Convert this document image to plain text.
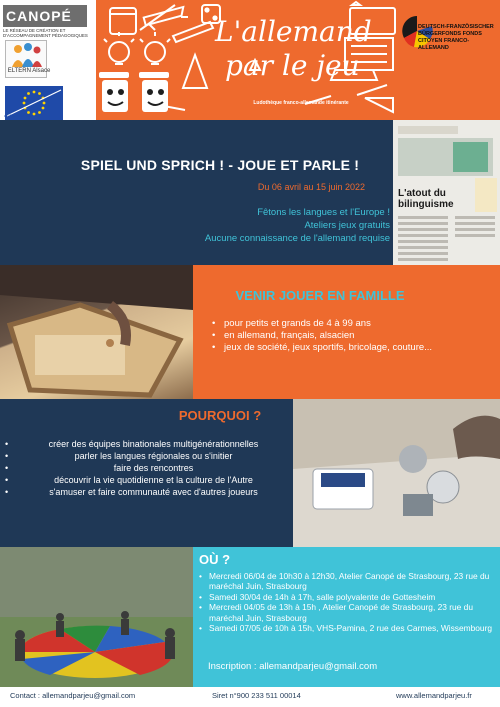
CANOPÉ
LE RÉSEAU DE CRÉATION ET D'ACCOMPAGNEMENT PÉDAGOGIQUES
ELTERN Alsace
up PAMINA vhs
L'allemand
par le jeu
Ludothèque franco-allemande itinérante
DEUTSCH-FRANZÖSISCHER BÜRGERFONDS FONDS CITOYEN FRANCO-ALLEMAND
SPIEL UND SPRICH ! - JOUE ET PARLE !
Du 06 avril au 15 juin 2022
Fêtons les langues et l'Europe !
Ateliers jeux gratuits
Aucune connaissance de l'allemand requise
L'atout du bilinguisme
VENIR JOUER EN FAMILLE
• pour petits et grands de 4 à 99 ans
• en allemand, français, alsacien
• jeux de société, jeux sportifs, bricolage, couture...
POURQUOI ?
• créer des équipes binationales multigénérationnelles
• parler les langues régionales ou s'initier
• faire des rencontres
• découvrir la vie quotidienne et la culture de l'Autre
• s'amuser et faire communauté avec d'autres joueurs
OÙ ?
• Mercredi 06/04 de 10h30 à 12h30, Atelier Canopé de Strasbourg, 23 rue du maréchal Juin, Strasbourg
• Samedi 30/04 de 14h à 17h, salle polyvalente de Gottesheim
• Mercredi 04/05 de 13h à 15h , Atelier Canopé de Strasbourg, 23 rue du maréchal Juin, Strasbourg
• Samedi 07/05 de 10h à 15h, VHS-Pamina, 2 rue des Carmes, Wissembourg
Inscription : allemandparjeu@gmail.com
Contact : allemandparjeu@gmail.com	Siret n°900 233 511 00014	www.allemandparjeu.fr
